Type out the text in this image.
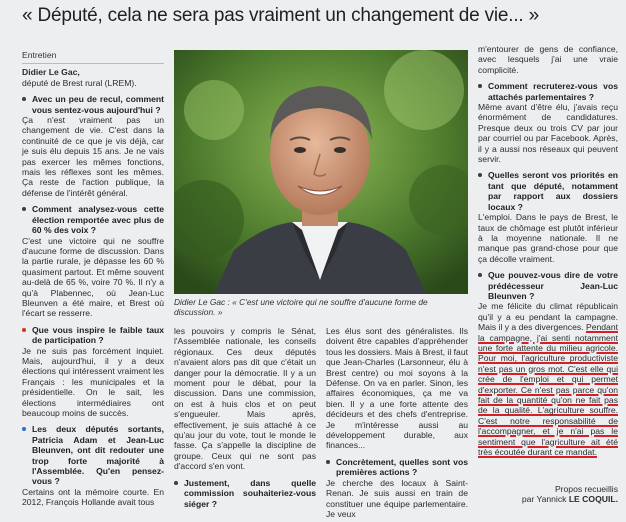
« Député, cela ne sera pas vraiment un changement de vie... »

Entretien

Didier Le Gac,

député de Brest rural (LREM).

Avec un peu de recul, comment vous sentez-vous aujourd'hui ?

Ça n'est vraiment pas un changement de vie. C'est dans la continuité de ce que je vis déjà, car je suis élu depuis 15 ans. Je ne vais pas exercer les mêmes fonctions, mais les réflexes sont les mêmes. Ça reste de l'action publique, la défense de l'intérêt général.

Comment analysez-vous cette élection remportée avec plus de 60 % des voix ?

C'est une victoire qui ne souffre d'aucune forme de discussion. Dans la partie rurale, je dépasse les 60 % quasiment partout. Et même souvent au-delà de 65 %, voire 70 %. Il n'y a qu'à Plabennec, où Jean-Luc Bleunven a été maire, et Brest où l'écart se resserre.

Que vous inspire le faible taux de participation ?

Je ne suis pas forcément inquiet. Mais, aujourd'hui, il y a deux élections qui intéressent vraiment les Français : les municipales et la présidentielle. On le sait, les élections intermédiaires ont beaucoup moins de succès.

Les deux députés sortants, Patricia Adam et Jean-Luc Bleunven, ont dit redouter une trop forte majorité à l'Assemblée. Qu'en pensez-vous ?

Certains ont la mémoire courte. En 2012, François Hollande avait tous

Didier Le Gac : « C'est une victoire qui ne souffre d'aucune forme de discussion. »

les pouvoirs y compris le Sénat, l'Assemblée nationale, les conseils régionaux. Ces deux députés n'avaient alors pas dit que c'était un danger pour la démocratie. Il y a un moment pour le débat, pour la discussion. Dans une commission, on est à huis clos et on peut s'engueuler. Mais après, effectivement, je suis attaché à ce qu'au jour du vote, tout le monde le fasse. Ça s'appelle la discipline de groupe. Ceux qui ne sont pas d'accord s'en vont.

Justement, dans quelle commission souhaiteriez-vous siéger ?

Les élus sont des généralistes. Ils doivent être capables d'appréhender tous les dossiers. Mais à Brest, il faut que Jean-Charles (Larsonneur, élu à Brest centre) ou moi soyons à la Défense. On va en parler. Sinon, les affaires économiques, ça me va bien. Il y a une forte attente des décideurs et des chefs d'entreprise. Je m'intéresse aussi au développement durable, aux finances...

Concrètement, quelles sont vos premières actions ?

Je cherche des locaux à Saint-Renan. Je suis aussi en train de constituer une équipe parlementaire. Je veux

m'entourer de gens de confiance, avec lesquels j'ai une vraie complicité.

Comment recruterez-vous vos attachés parlementaires ?

Même avant d'être élu, j'avais reçu énormément de candidatures. Presque deux ou trois CV par jour par courriel ou par Facebook. Après, il y a aussi nos réseaux qui peuvent servir.

Quelles seront vos priorités en tant que député, notamment par rapport aux dossiers locaux ?

L'emploi. Dans le pays de Brest, le taux de chômage est plutôt inférieur à la moyenne nationale. Il ne manque pas grand-chose pour que ça décolle vraiment.

Que pouvez-vous dire de votre prédécesseur Jean-Luc Bleunven ?

Je me félicite du climat républicain qu'il y a eu pendant la campagne. Mais il y a des divergences. Pendant la campagne, j'ai senti notamment une forte attente du milieu agricole. Pour moi, l'agriculture productiviste n'est pas un gros mot. C'est elle qui crée de l'emploi et qui permet d'exporter. Ce n'est pas parce qu'on fait de la quantité qu'on ne fait pas de la qualité. L'agriculture souffre. C'est notre responsabilité de l'accompagner, et je n'ai pas le sentiment que l'agriculture ait été très écoutée durant ce mandat.

Propos recueillis
par Yannick LE COQUIL.
